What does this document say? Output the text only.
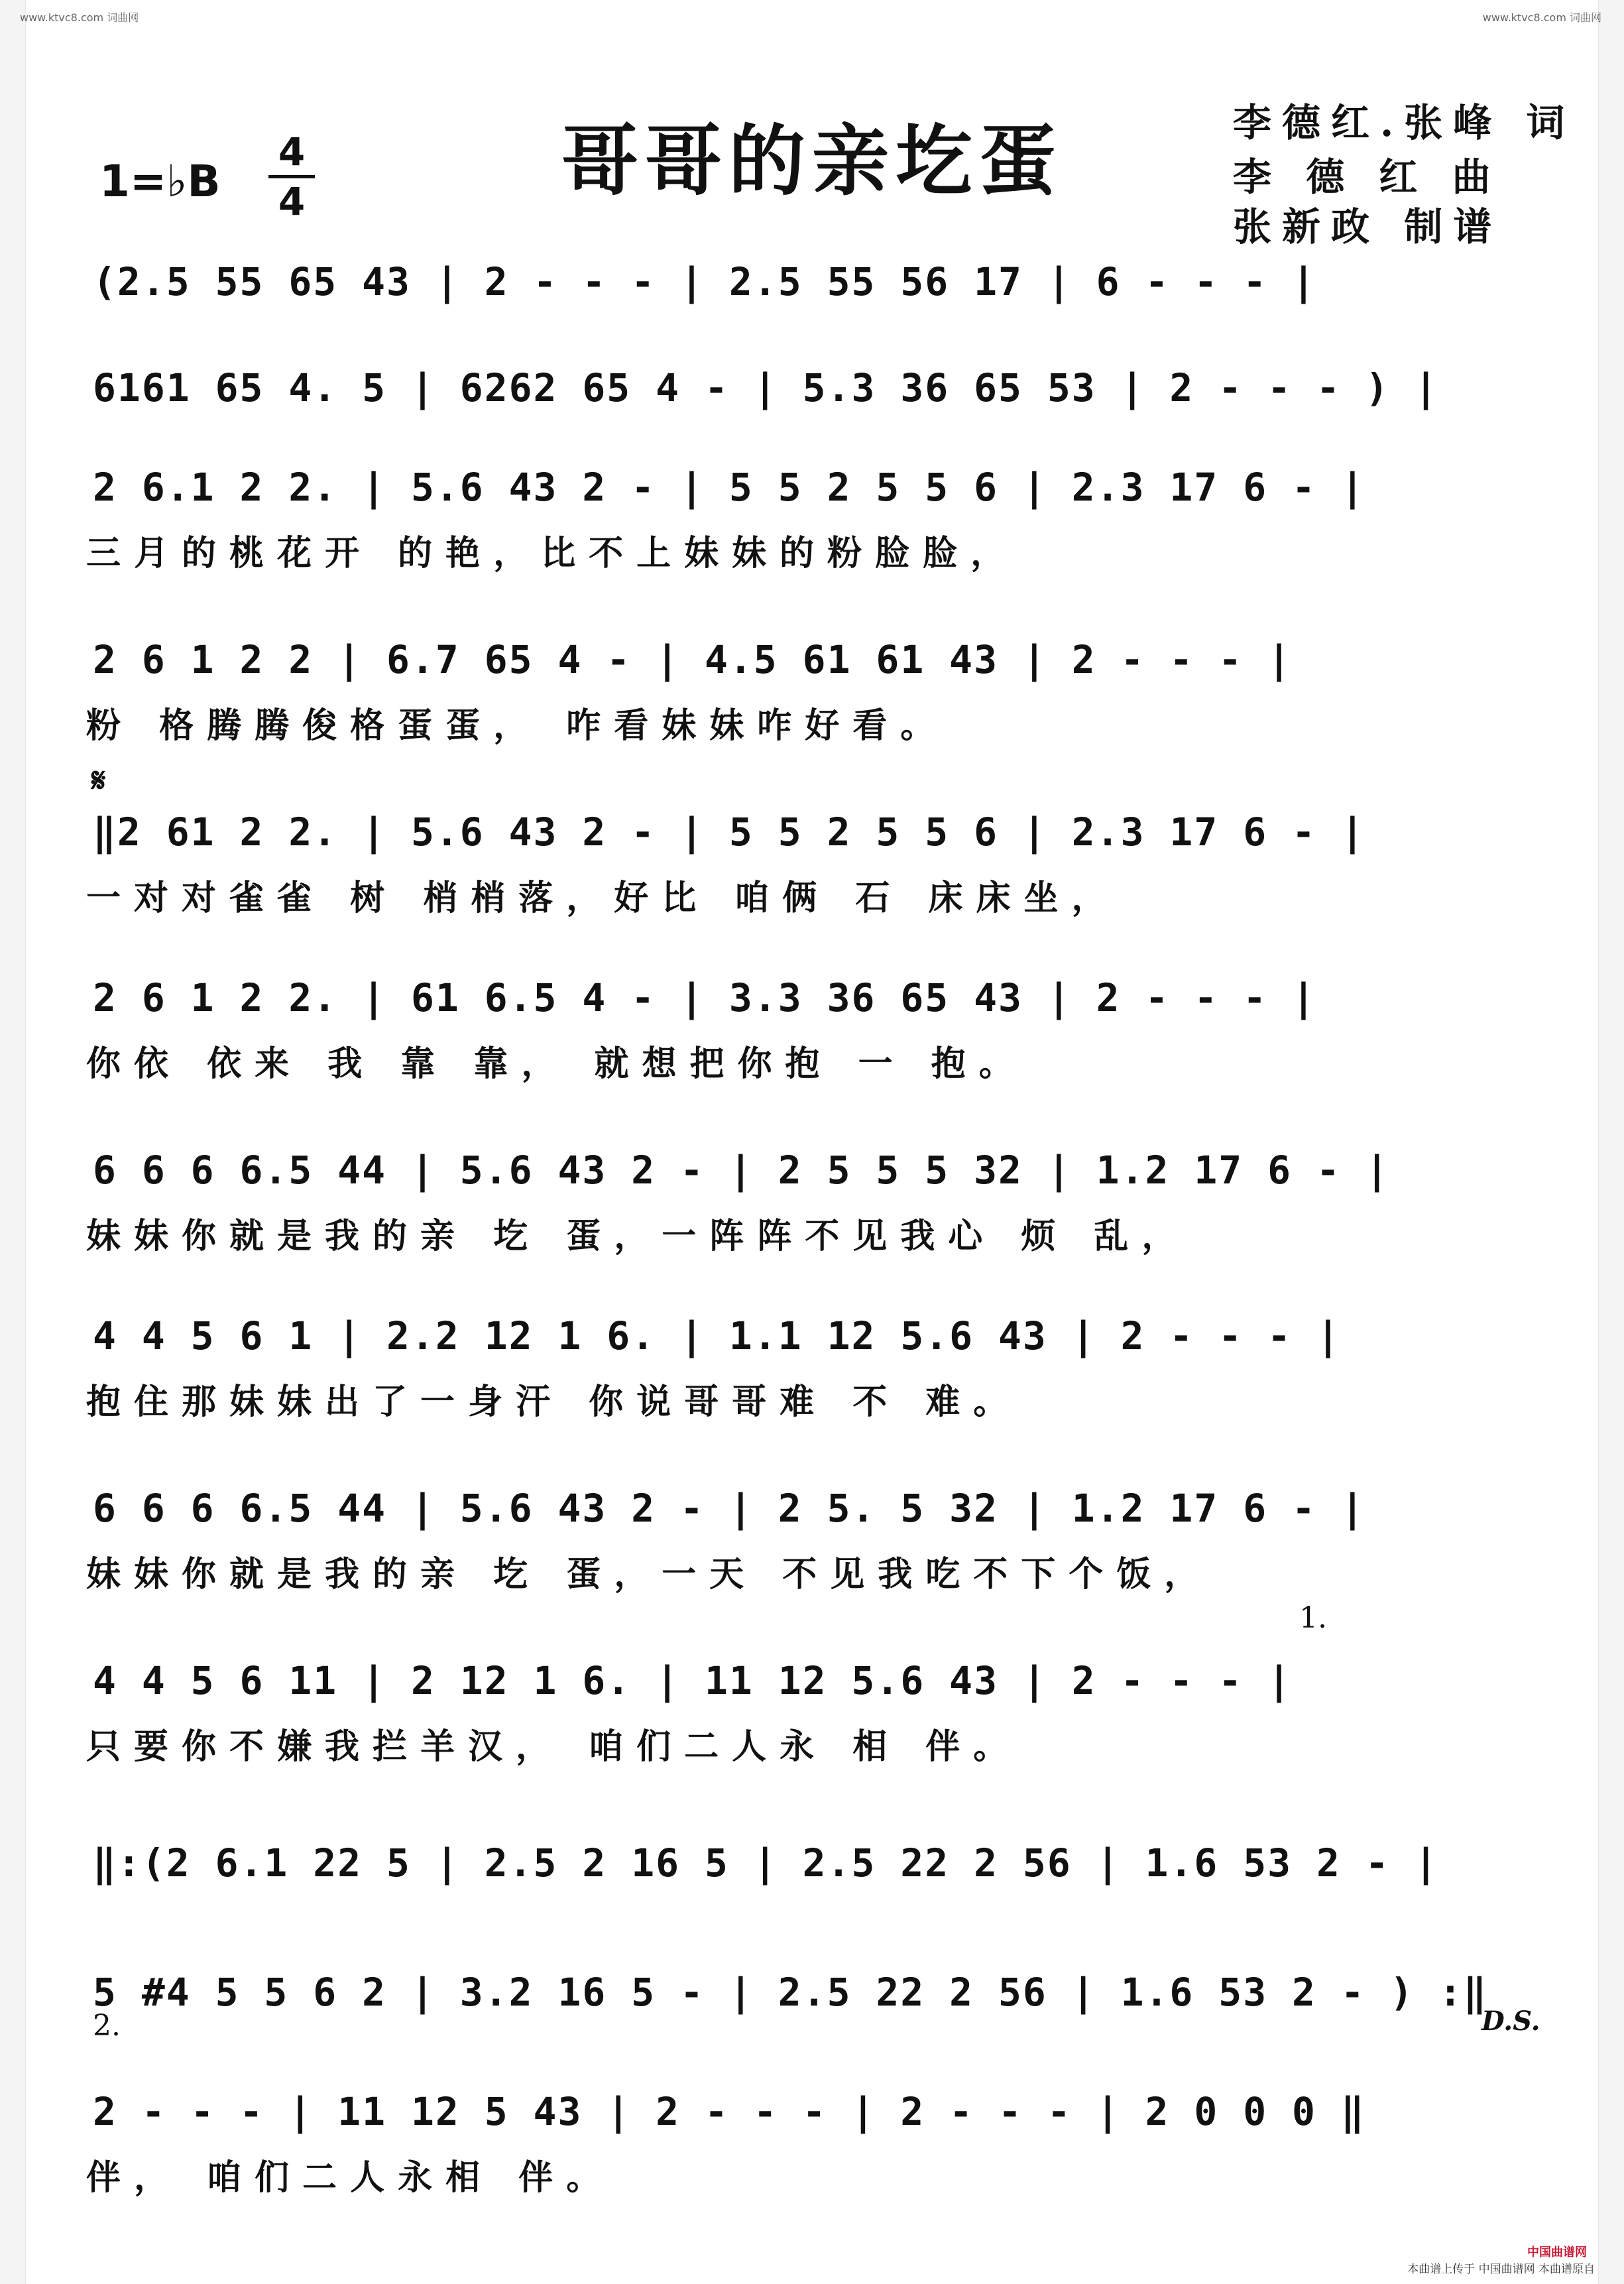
www.ktvc8.com 词曲网	www.ktvc8.com 词曲网
哥哥的亲圪蛋	李德红.张峰 词
李 德 红 曲
张新政 制谱
1=♭B
4
4
𝄋
1.
2.	D.S.
(2.5 55 65 43 | 2 - - - | 2.5 55 56 17 | 6 - - - |
6161 65 4. 5 | 6262 65 4 - | 5.3 36 65 53 | 2 - - - ) |
2 6.1 2 2. | 5.6 43 2 - | 5 5 2 5 5 6 | 2.3 17 6 - |
三月的桃花开 的艳，比不上妹妹的粉脸脸，
2 6 1 2 2 | 6.7 65 4 - | 4.5 61 61 43 | 2 - - - |
粉 格腾腾俊格蛋蛋， 咋看妹妹咋好看。
‖2 61 2 2. | 5.6 43 2 - | 5 5 2 5 5 6 | 2.3 17 6 - |
一对对雀雀 树 梢梢落，好比 咱俩 石 床床坐，
2 6 1 2 2. | 61 6.5 4 - | 3.3 36 65 43 | 2 - - - |
你依 依来 我 靠 靠， 就想把你抱 一 抱。
6 6 6 6.5 44 | 5.6 43 2 - | 2 5 5 5 32 | 1.2 17 6 - |
妹妹你就是我的亲 圪 蛋，一阵阵不见我心 烦 乱，
4 4 5 6 1 | 2.2 12 1 6. | 1.1 12 5.6 43 | 2 - - - |
抱住那妹妹出了一身汗 你说哥哥难 不 难。
6 6 6 6.5 44 | 5.6 43 2 - | 2 5. 5 32 | 1.2 17 6 - |
妹妹你就是我的亲 圪 蛋，一天 不见我吃不下个饭，
4 4 5 6 11 | 2 12 1 6. | 11 12 5.6 43 | 2 - - - |
只要你不嫌我拦羊汉， 咱们二人永 相 伴。
‖:(2 6.1 22 5 | 2.5 2 16 5 | 2.5 22 2 56 | 1.6 53 2 - |
5 #4 5 5 6 2 | 3.2 16 5 - | 2.5 22 2 56 | 1.6 53 2 - ) :‖
2 - - - | 11 12 5 43 | 2 - - - | 2 - - - | 2 0 0 0 ‖
伴， 咱们二人永相 伴。
中国曲谱网
本曲谱上传于 中国曲谱网 本曲谱原自
